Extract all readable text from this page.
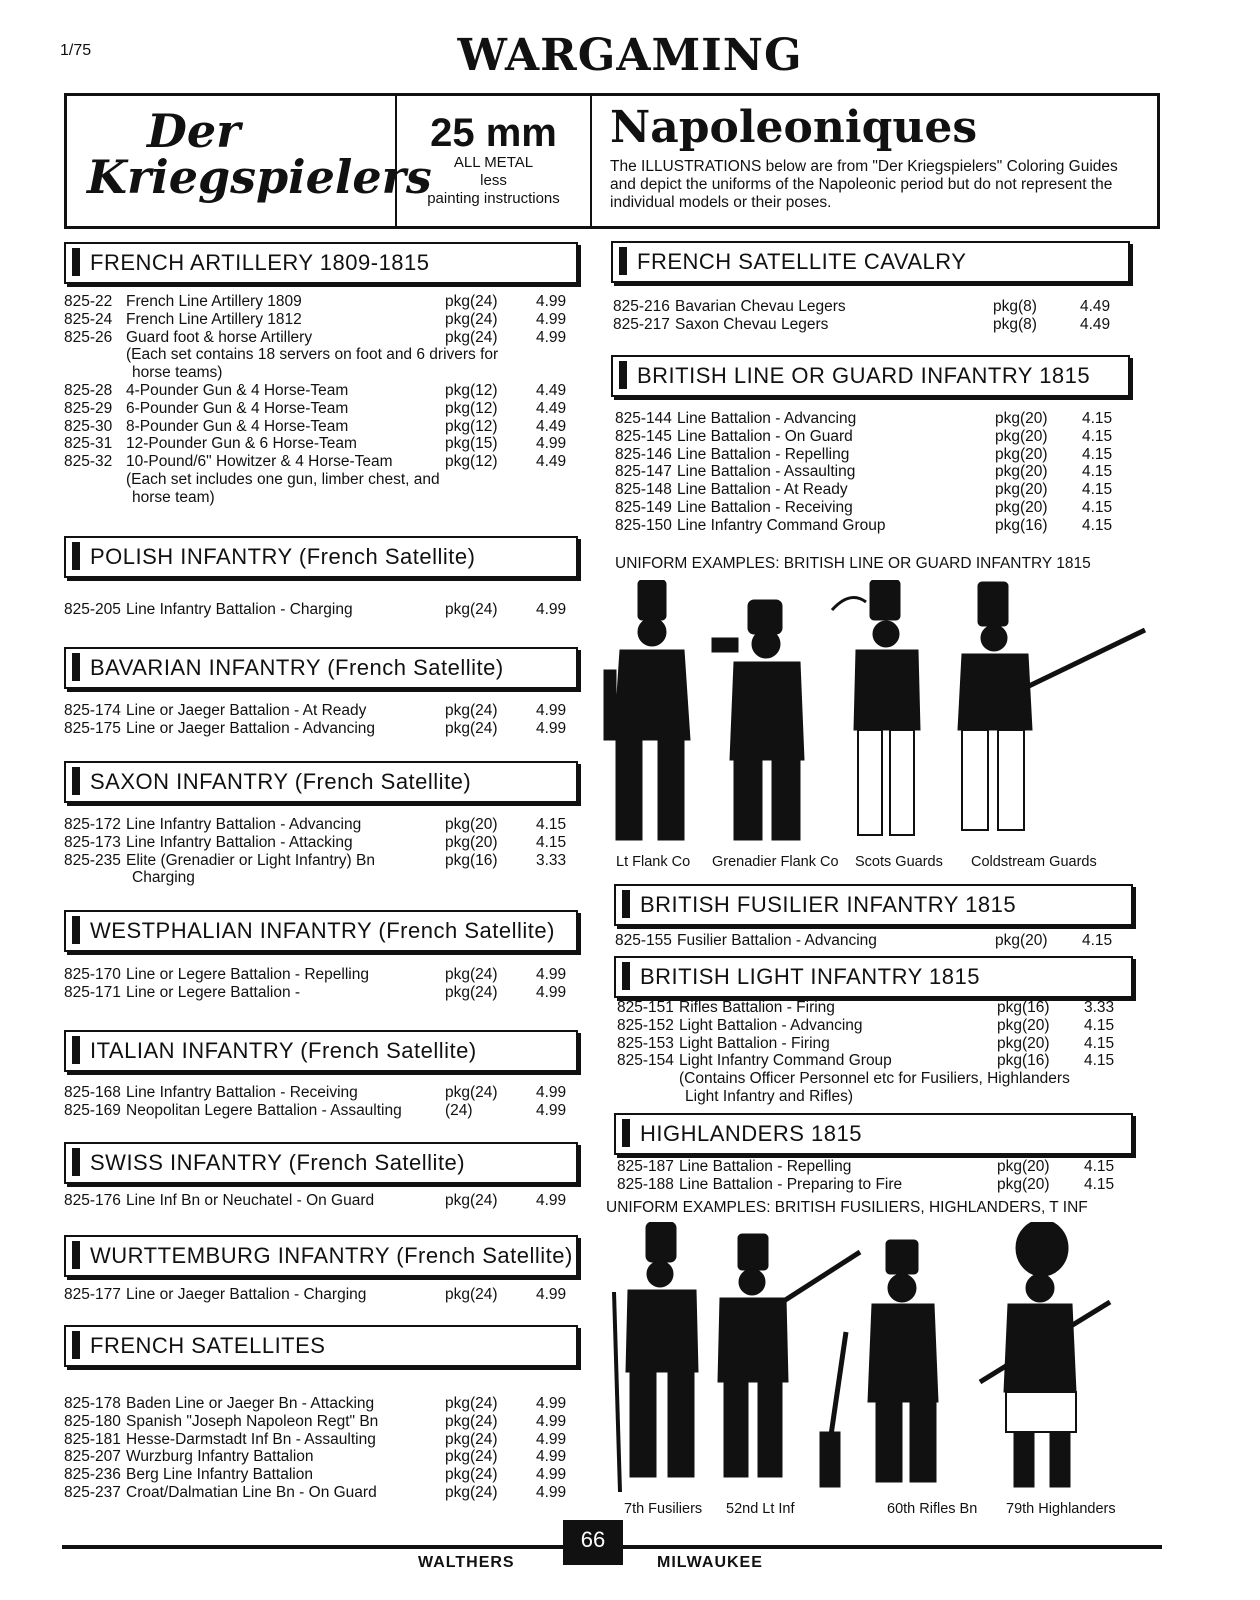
1/75	WARGAMING
Der
Kriegspielers
25 mm
ALL METAL
less
painting instructions
Napoleoniques
The ILLUSTRATIONS below are from "Der Kriegspielers" Coloring Guides and depict the uniforms of the Napoleonic period but do not represent the individual models or their poses.
FRENCH ARTILLERY 1809-1815
825-22 French Line Artillery 1809	pkg(24) 4.99
825-24 French Line Artillery 1812	pkg(24) 4.99
825-26 Guard foot & horse Artillery	pkg(24) 4.99
(Each set contains 18 servers on foot and 6 drivers for
horse teams)
825-28 4-Pounder Gun & 4 Horse-Team	pkg(12) 4.49
825-29 6-Pounder Gun & 4 Horse-Team	pkg(12) 4.49
825-30 8-Pounder Gun & 4 Horse-Team	pkg(12) 4.49
825-31 12-Pounder Gun & 6 Horse-Team	pkg(15) 4.99
825-32 10-Pound/6" Howitzer & 4 Horse-Team	pkg(12) 4.49
(Each set includes one gun, limber chest, and
horse team)
POLISH INFANTRY (French Satellite)
825-205 Line Infantry Battalion - Charging	pkg(24) 4.99
BAVARIAN INFANTRY (French Satellite)
825-174 Line or Jaeger Battalion - At Ready	pkg(24) 4.99
825-175 Line or Jaeger Battalion - Advancing	pkg(24) 4.99
SAXON INFANTRY (French Satellite)
825-172 Line Infantry Battalion - Advancing	pkg(20) 4.15
825-173 Line Infantry Battalion - Attacking	pkg(20) 4.15
825-235 Elite (Grenadier or Light Infantry) Bn	pkg(16) 3.33
Charging
WESTPHALIAN INFANTRY (French Satellite)
825-170 Line or Legere Battalion - Repelling	pkg(24) 4.99
825-171 Line or Legere Battalion -	pkg(24) 4.99
ITALIAN INFANTRY (French Satellite)
825-168 Line Infantry Battalion - Receiving	pkg(24) 4.99
825-169 Neopolitan Legere Battalion - Assaulting	(24)	4.99
SWISS INFANTRY (French Satellite)
825-176 Line Inf Bn or Neuchatel - On Guard	pkg(24) 4.99
WURTTEMBURG INFANTRY (French Satellite)
825-177 Line or Jaeger Battalion - Charging	pkg(24) 4.99
FRENCH SATELLITES
825-178 Baden Line or Jaeger Bn - Attacking	pkg(24) 4.99
825-180 Spanish "Joseph Napoleon Regt" Bn	pkg(24) 4.99
825-181 Hesse-Darmstadt Inf Bn - Assaulting	pkg(24) 4.99
825-207 Wurzburg Infantry Battalion	pkg(24) 4.99
825-236 Berg Line Infantry Battalion	pkg(24) 4.99
825-237 Croat/Dalmatian Line Bn - On Guard	pkg(24) 4.99
FRENCH SATELLITE CAVALRY
825-216 Bavarian Chevau Legers	pkg(8)	4.49
825-217 Saxon Chevau Legers	pkg(8)	4.49
BRITISH LINE OR GUARD INFANTRY 1815
825-144 Line Battalion - Advancing	pkg(20) 4.15
825-145 Line Battalion - On Guard	pkg(20) 4.15
825-146 Line Battalion - Repelling	pkg(20) 4.15
825-147 Line Battalion - Assaulting	pkg(20) 4.15
825-148 Line Battalion - At Ready	pkg(20) 4.15
825-149 Line Battalion - Receiving	pkg(20) 4.15
825-150 Line Infantry Command Group	pkg(16) 4.15
UNIFORM EXAMPLES: BRITISH LINE OR GUARD INFANTRY 1815
Lt Flank Co Grenadier Flank Co Scots Guards Coldstream Guards
BRITISH FUSILIER INFANTRY 1815
825-155 Fusilier Battalion - Advancing	pkg(20) 4.15
BRITISH LIGHT INFANTRY 1815
825-151 Rifles Battalion - Firing	pkg(16) 3.33
825-152 Light Battalion - Advancing	pkg(20) 4.15
825-153 Light Battalion - Firing	pkg(20) 4.15
825-154 Light Infantry Command Group	pkg(16) 4.15
(Contains Officer Personnel etc for Fusiliers, Highlanders
Light Infantry and Rifles)
HIGHLANDERS 1815
825-187 Line Battalion - Repelling	pkg(20) 4.15
825-188 Line Battalion - Preparing to Fire	pkg(20) 4.15
UNIFORM EXAMPLES: BRITISH FUSILIERS, HIGHLANDERS, T INF
7th Fusiliers 52nd Lt Inf	60th Rifles Bn 79th Highlanders
WALTHERS
66
MILWAUKEE
